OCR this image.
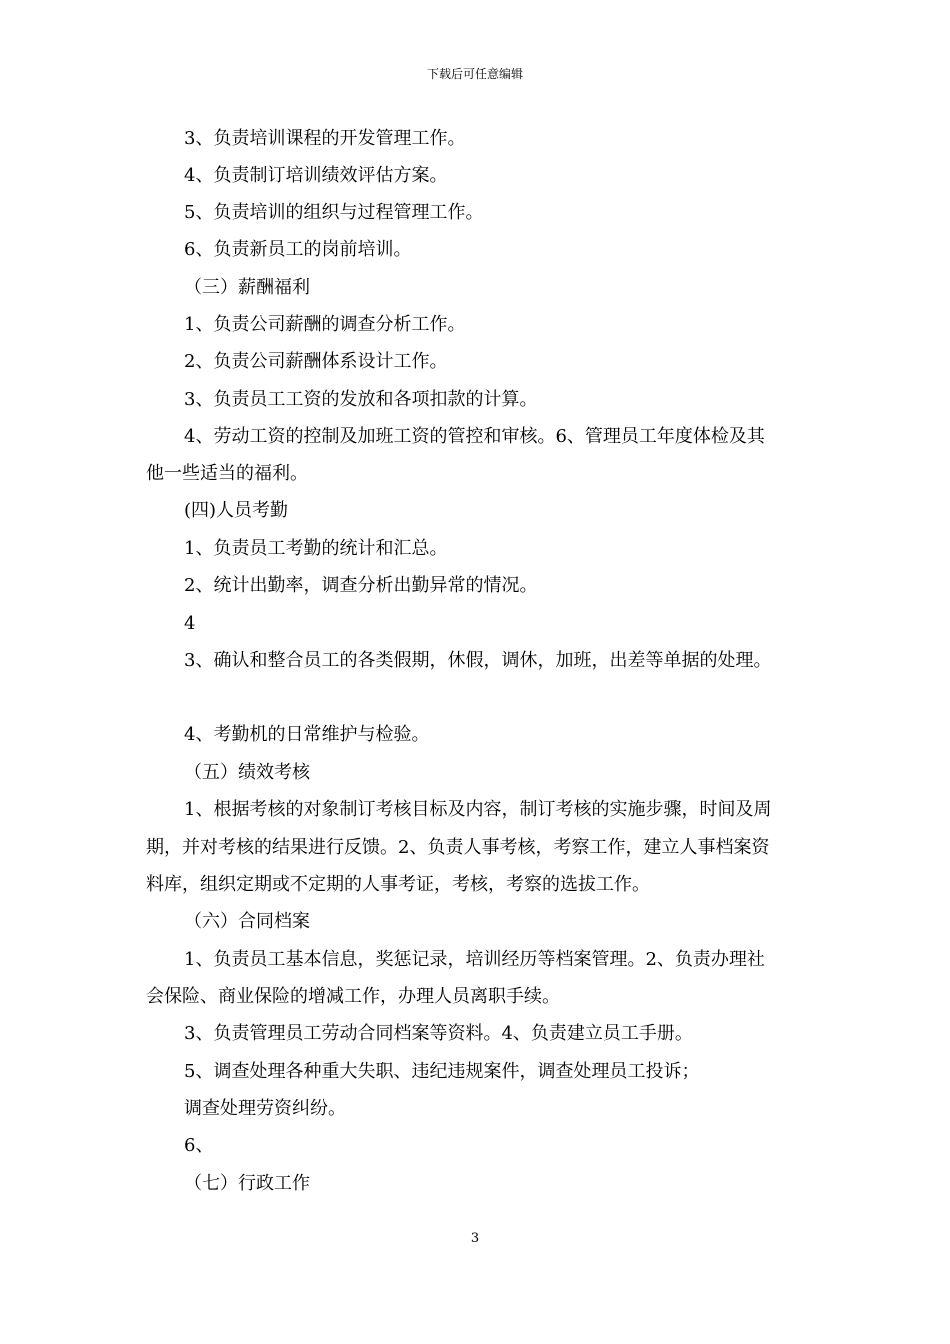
下载后可任意编辑
3、负责培训课程的开发管理工作。
4、负责制订培训绩效评估方案。
5、负责培训的组织与过程管理工作。
6、负责新员工的岗前培训。
（三）薪酬福利
1、负责公司薪酬的调查分析工作。
2、负责公司薪酬体系设计工作。
3、负责员工工资的发放和各项扣款的计算。
4、劳动工资的控制及加班工资的管控和审核。6、管理员工年度体检及其
他一些适当的福利。
(四)人员考勤
1、负责员工考勤的统计和汇总。
2、统计出勤率，调查分析出勤异常的情况。
4
3、确认和整合员工的各类假期，休假，调休，加班，出差等单据的处理。
4、考勤机的日常维护与检验。
（五）绩效考核
1、根据考核的对象制订考核目标及内容，制订考核的实施步骤，时间及周
期，并对考核的结果进行反馈。2、负责人事考核，考察工作，建立人事档案资
料库，组织定期或不定期的人事考证，考核，考察的选拔工作。
（六）合同档案
1、负责员工基本信息，奖惩记录，培训经历等档案管理。2、负责办理社
会保险、商业保险的增减工作，办理人员离职手续。
3、负责管理员工劳动合同档案等资料。4、负责建立员工手册。
5、调查处理各种重大失职、违纪违规案件，调查处理员工投诉；
调查处理劳资纠纷。
6、
（七）行政工作
3
